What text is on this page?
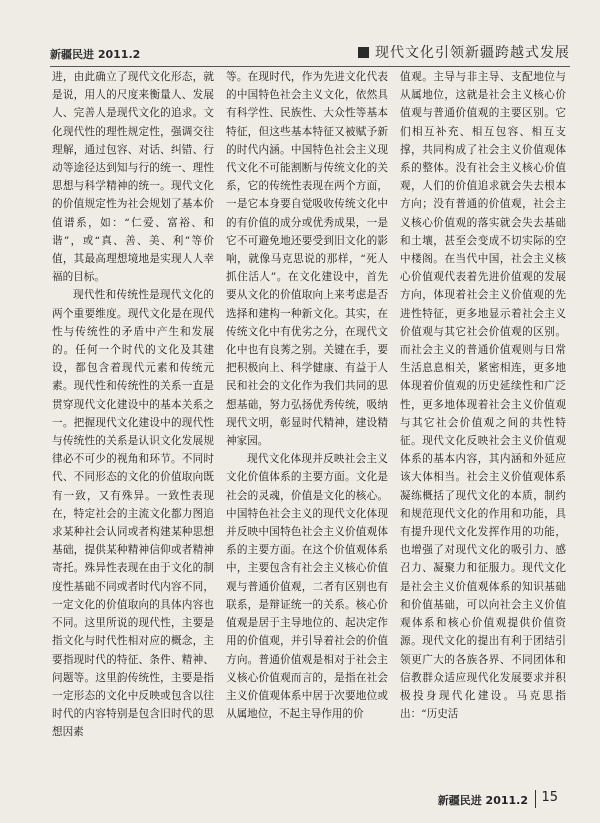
新疆民进 2011.2	现代文化引领新疆跨越式发展

进，由此确立了现代文化形态，就是说，用人的尺度来衡量人、发展人、完善人是现代文化的追求。文化现代性的理性规定性，强调交往理解，通过包容、对话、纠错、行动等途径达到知与行的统一、理性思想与科学精神的统一。现代文化的价值规定性为社会规划了基本价值谱系，如：“仁爱、富裕、和谐”，或“真、善、美、利”等价值，其最高理想境地是实现人人幸福的目标。

现代性和传统性是现代文化的两个重要维度。现代文化是在现代性与传统性的矛盾中产生和发展的。任何一个时代的文化及其建设，都包含着现代元素和传统元素。现代性和传统性的关系一直是贯穿现代文化建设中的基本关系之一。把握现代文化建设中的现代性与传统性的关系是认识文化发展规律必不可少的视角和环节。不同时代、不同形态的文化的价值取向既有一致，又有殊异。一致性表现在，特定社会的主流文化都力图追求某种社会认同或者构建某种思想基础，提供某种精神信仰或者精神寄托。殊异性表现在由于文化的制度性基础不同或者时代内容不同，一定文化的价值取向的具体内容也不同。这里所说的现代性，主要是指文化与时代性相对应的概念，主要指现时代的特征、条件、精神、问题等。这里韵传统性，主要是指一定形态的文化中反映或包含以往时代的内容特别是包含旧时代的思想因素

等。在现时代，作为先进文化代表的中国特色社会主义文化，依然具有科学性、民族性、大众性等基本特征，但这些基本特征又被赋予新的时代内涵。中国特色社会主义现代文化不可能割断与传统文化的关系，它的传统性表现在两个方面，一是它本身要自觉吸收传统文化中的有价值的成分或优秀成果，一是它不可避免地还要受到旧文化的影响，就像马克思说的那样，“死人抓住活人”。在文化建设中，首先要从文化的价值取向上来考虑是否选择和建构一种新文化。其实，在传统文化中有优劣之分，在现代文化中也有良莠之别。关键在手，要把积极向上、科学健康、有益于人民和社会的文化作为我们共同的思想基础，努力弘扬优秀传统，吸纳现代文明，彰显时代精神，建设精神家园。

现代文化体现并反映社会主义文化价值体系的主要方面。文化是社会的灵魂，价值是文化的核心。中国特色社会主义的现代文化体现并反映中国特色社会主义价值观体系的主要方面。在这个价值观体系中，主要包含有社会主义核心价值观与普通价值观，二者有区别也有联系，是辩证统一的关系。核心价值观是居于主导地位的、起决定作用的价值观，并引导着社会的价值方向。普通价值观是相对于社会主义核心价值观而言的，是指在社会主义价值观体系中居于次要地位或从属地位，不起主导作用的价

值观。主导与非主导、支配地位与从属地位，这就是社会主义核心价值观与普通价值观的主要区别。它们相互补充、相互包容、相互支撑，共同构成了社会主义价值观体系的整体。没有社会主义核心价值观，人们的价值追求就会失去根本方向；没有普通的价值观，社会主义核心价值观的落实就会失去基础和土壤，甚至会变成不切实际的空中楼阁。在当代中国，社会主义核心价值观代表着先进价值观的发展方向，体现着社会主义价值观的先进性特征，更多地显示着社会主义价值观与其它社会价值观的区别。而社会主义的普通价值观则与日常生活息息相关，紧密相连，更多地体现着价值观的历史延续性和广泛性，更多地体现着社会主义价值观与其它社会价值观之间的共性特征。现代文化反映社会主义价值观体系的基本内容，其内涵和外延应该大体相当。社会主义价值观体系凝练概括了现代文化的本质，制约和规范现代文化的作用和功能，具有提升现代文化发挥作用的功能，也增强了对现代文化的吸引力、感召力、凝聚力和征服力。现代文化是社会主义价值观体系的知识基础和价值基础，可以向社会主义价值观体系和核心价值观提供价值资源。现代文化的提出有利于团结引领更广大的各族各界、不同团体和信教群众适应现代化发展要求并积极投身现代化建设。马克思指出：“历史活

新疆民进 2011.2 15
